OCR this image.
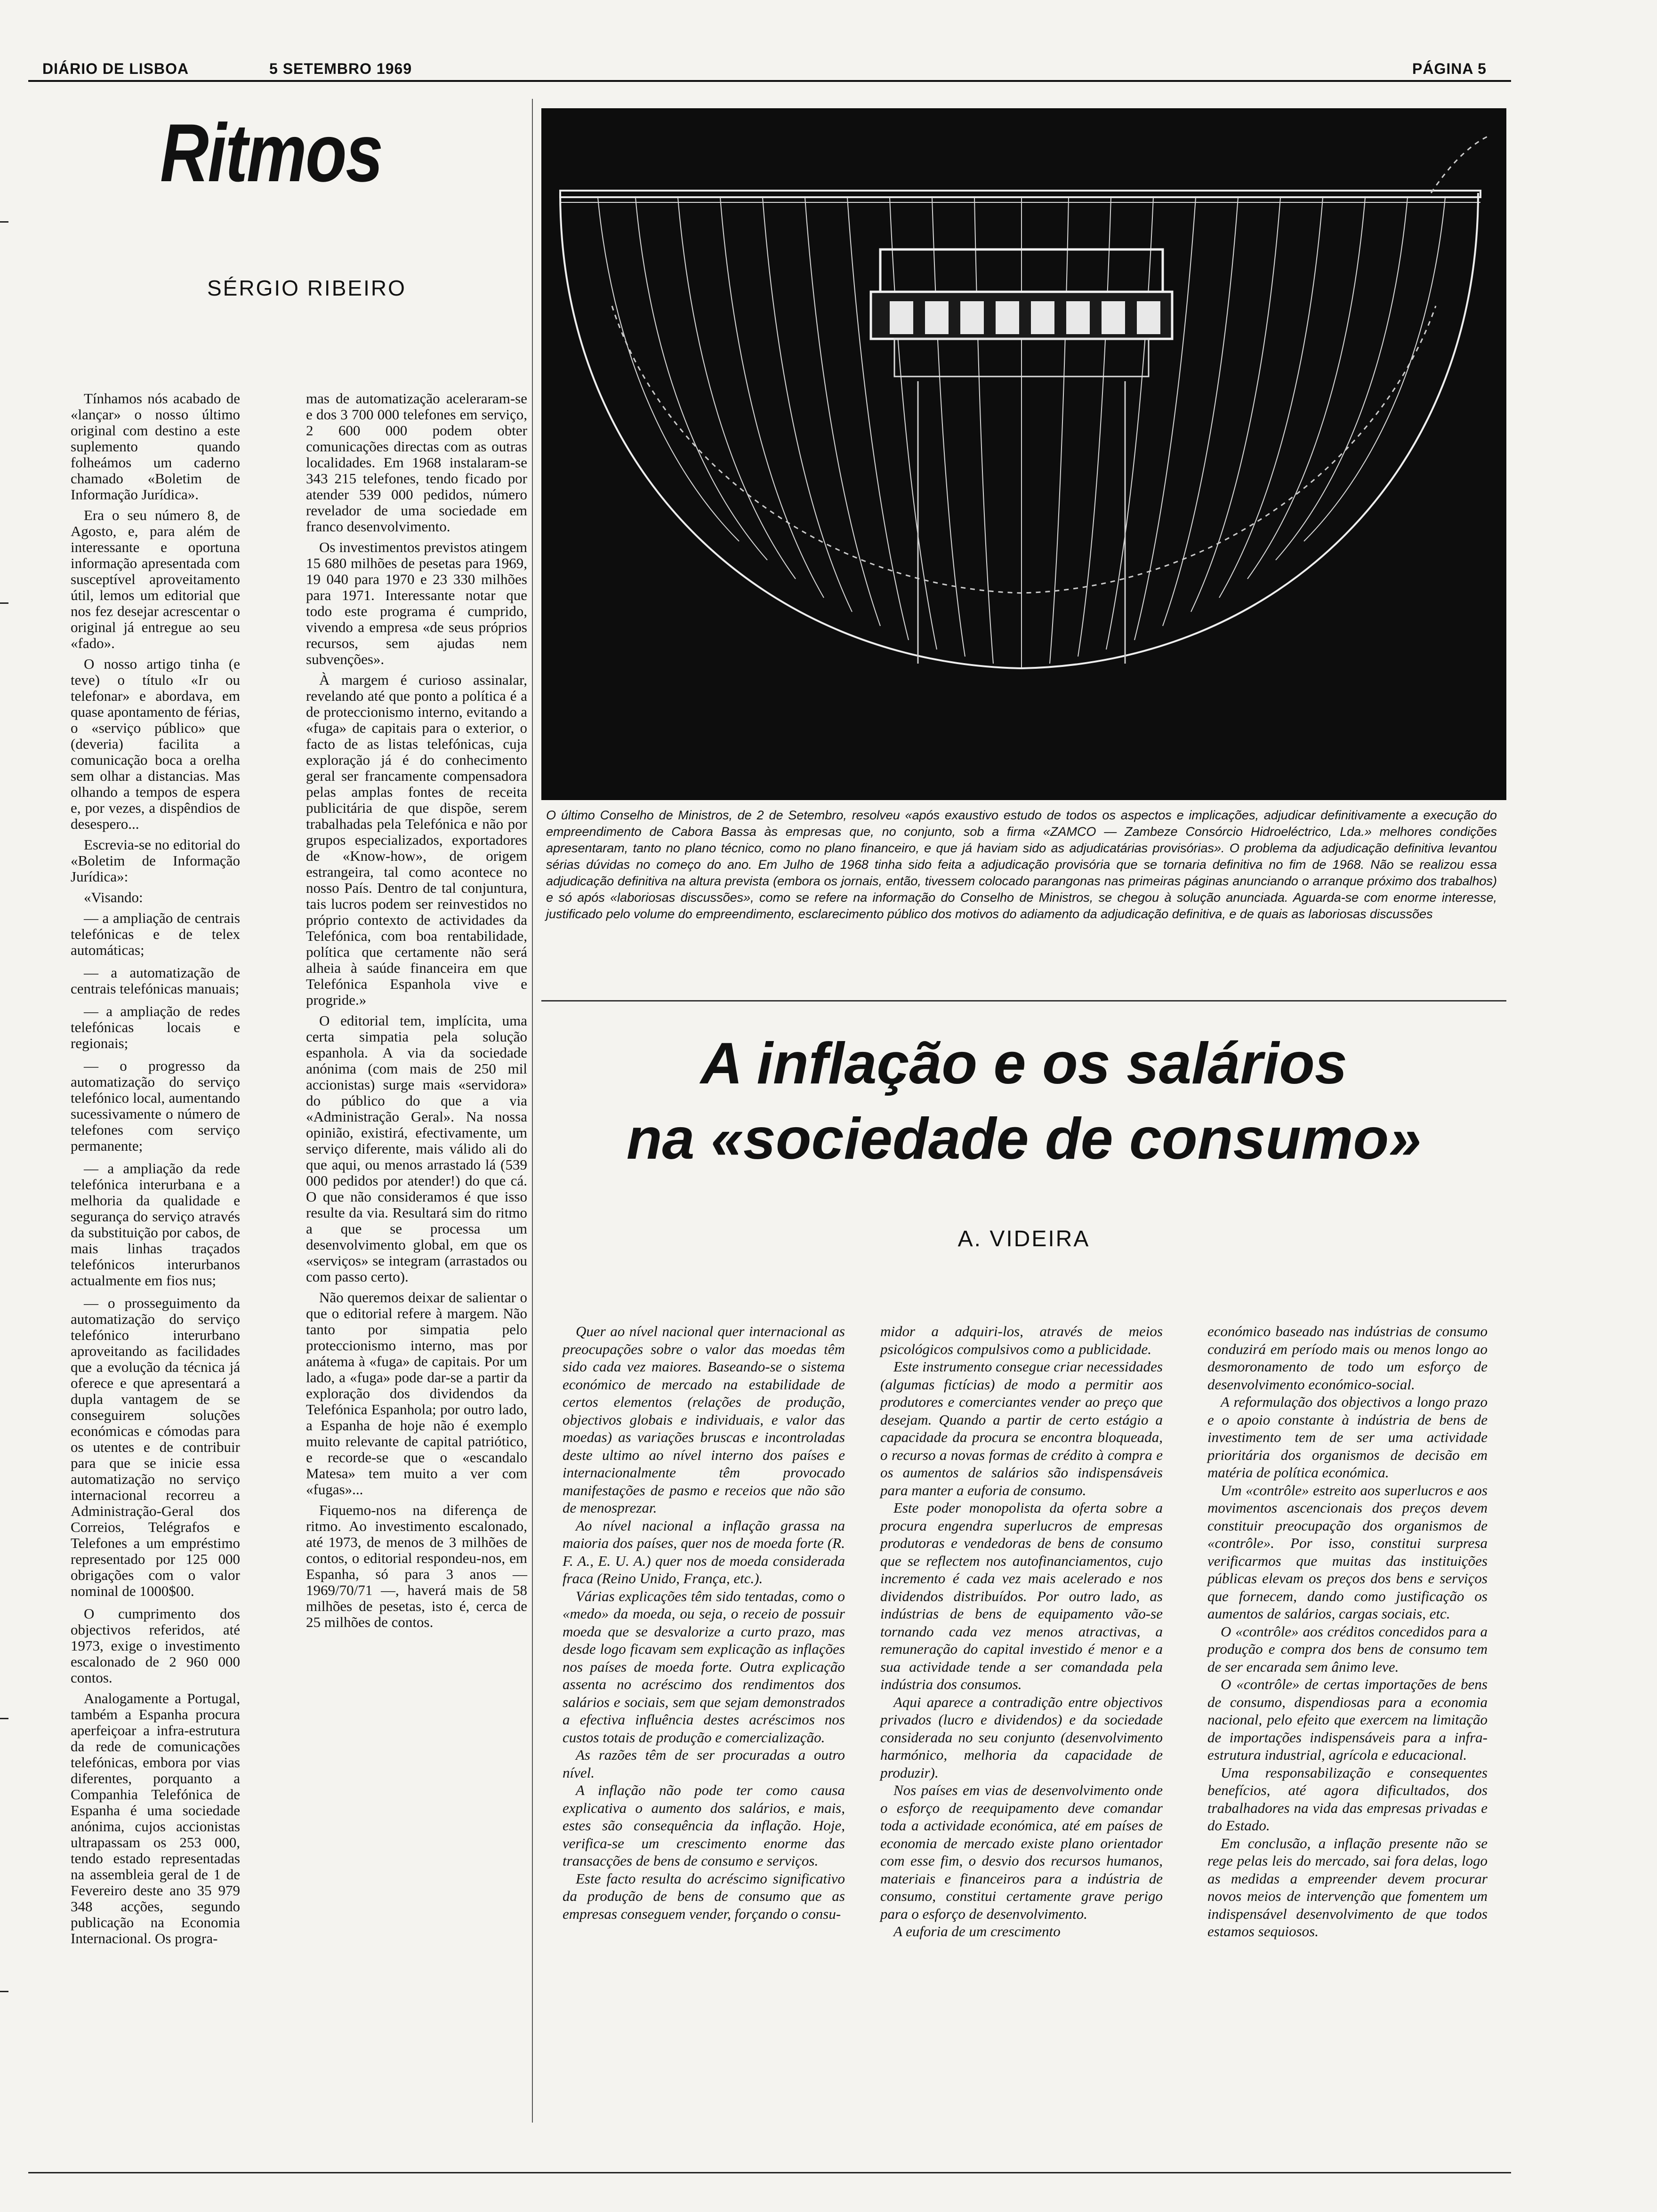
DIÁRIO DE LISBOA	5 SETEMBRO 1969	PÁGINA 5
Ritmos
SÉRGIO RIBEIRO

Tínhamos nós acabado de «lançar» o nosso último original com destino a este suplemento quando folheámos um caderno chamado «Boletim de Informação Jurídica».

Era o seu número 8, de Agosto, e, para além de interessante e oportuna informação apresentada com susceptível aproveitamento útil, lemos um editorial que nos fez desejar acrescentar o original já entregue ao seu «fado».

O nosso artigo tinha (e teve) o título «Ir ou telefonar» e abordava, em quase apontamento de férias, o «serviço público» que (deveria) facilita a comunicação boca a orelha sem olhar a distancias. Mas olhando a tempos de espera e, por vezes, a dispêndios de desespero...

Escrevia-se no editorial do «Boletim de Informação Jurídica»:

«Visando:

— a ampliação de centrais telefónicas e de telex automáticas;

— a automatização de centrais telefónicas manuais;

— a ampliação de redes telefónicas locais e regionais;

— o progresso da automatização do serviço telefónico local, aumentando sucessivamente o número de telefones com serviço permanente;

— a ampliação da rede telefónica interurbana e a melhoria da qualidade e segurança do serviço através da substituição por cabos, de mais linhas traçados telefónicos interurbanos actualmente em fios nus;

— o prosseguimento da automatização do serviço telefónico interurbano aproveitando as facilidades que a evolução da técnica já oferece e que apresentará a dupla vantagem de se conseguirem soluções económicas e cómodas para os utentes e de contribuir para que se inicie essa automatização no serviço internacional recorreu a Administração-Geral dos Correios, Telégrafos e Telefones a um empréstimo representado por 125 000 obrigações com o valor nominal de 1000$00.

O cumprimento dos objectivos referidos, até 1973, exige o investimento escalonado de 2 960 000 contos.

Analogamente a Portugal, também a Espanha procura aperfeiçoar a infra-estrutura da rede de comunicações telefónicas, embora por vias diferentes, porquanto a Companhia Telefónica de Espanha é uma sociedade anónima, cujos accionistas ultrapassam os 253 000, tendo estado representadas na assembleia geral de 1 de Fevereiro deste ano 35 979 348 acções, segundo publicação na Economia Internacional. Os progra-

mas de automatização aceleraram-se e dos 3 700 000 telefones em serviço, 2 600 000 podem obter comunicações directas com as outras localidades. Em 1968 instalaram-se 343 215 telefones, tendo ficado por atender 539 000 pedidos, número revelador de uma sociedade em franco desenvolvimento.

Os investimentos previstos atingem 15 680 milhões de pesetas para 1969, 19 040 para 1970 e 23 330 milhões para 1971. Interessante notar que todo este programa é cumprido, vivendo a empresa «de seus próprios recursos, sem ajudas nem subvenções».

À margem é curioso assinalar, revelando até que ponto a política é a de proteccionismo interno, evitando a «fuga» de capitais para o exterior, o facto de as listas telefónicas, cuja exploração já é do conhecimento geral ser francamente compensadora pelas amplas fontes de receita publicitária de que dispõe, serem trabalhadas pela Telefónica e não por grupos especializados, exportadores de «Know-how», de origem estrangeira, tal como acontece no nosso País. Dentro de tal conjuntura, tais lucros podem ser reinvestidos no próprio contexto de actividades da Telefónica, com boa rentabilidade, política que certamente não será alheia à saúde financeira em que Telefónica Espanhola vive e progride.»

O editorial tem, implícita, uma certa simpatia pela solução espanhola. A via da sociedade anónima (com mais de 250 mil accionistas) surge mais «servidora» do público do que a via «Administração Geral». Na nossa opinião, existirá, efectivamente, um serviço diferente, mais válido ali do que aqui, ou menos arrastado lá (539 000 pedidos por atender!) do que cá. O que não consideramos é que isso resulte da via. Resultará sim do ritmo a que se processa um desenvolvimento global, em que os «serviços» se integram (arrastados ou com passo certo).

Não queremos deixar de salientar o que o editorial refere à margem. Não tanto por simpatia pelo proteccionismo interno, mas por anátema à «fuga» de capitais. Por um lado, a «fuga» pode dar-se a partir da exploração dos dividendos da Telefónica Espanhola; por outro lado, a Espanha de hoje não é exemplo muito relevante de capital patriótico, e recorde-se que o «escandalo Matesa» tem muito a ver com «fugas»...

Fiquemo-nos na diferença de ritmo. Ao investimento escalonado, até 1973, de menos de 3 milhões de contos, o editorial respondeu-nos, em Espanha, só para 3 anos — 1969/70/71 —, haverá mais de 58 milhões de pesetas, isto é, cerca de 25 milhões de contos.

O último Conselho de Ministros, de 2 de Setembro, resolveu «após exaustivo estudo de todos os aspectos e implicações, adjudicar definitivamente a execução do empreendimento de Cabora Bassa às empresas que, no conjunto, sob a firma «ZAMCO — Zambeze Consórcio Hidroeléctrico, Lda.» melhores condições apresentaram, tanto no plano técnico, como no plano financeiro, e que já haviam sido as adjudicatárias provisórias». O problema da adjudicação definitiva levantou sérias dúvidas no começo do ano. Em Julho de 1968 tinha sido feita a adjudicação provisória que se tornaria definitiva no fim de 1968. Não se realizou essa adjudicação definitiva na altura prevista (embora os jornais, então, tivessem colocado parangonas nas primeiras páginas anunciando o arranque próximo dos trabalhos) e só após «laboriosas discussões», como se refere na informação do Conselho de Ministros, se chegou à solução anunciada. Aguarda-se com enorme interesse, justificado pelo volume do empreendimento, esclarecimento público dos motivos do adiamento da adjudicação definitiva, e de quais as laboriosas discussões
A inflação e os salários
na «sociedade de consumo»
A. VIDEIRA

Quer ao nível nacional quer internacional as preocupações sobre o valor das moedas têm sido cada vez maiores. Baseando-se o sistema económico de mercado na estabilidade de certos elementos (relações de produção, objectivos globais e individuais, e valor das moedas) as variações bruscas e incontroladas deste ultimo ao nível interno dos países e internacionalmente têm provocado manifestações de pasmo e receios que não são de menosprezar.

Ao nível nacional a inflação grassa na maioria dos países, quer nos de moeda forte (R. F. A., E. U. A.) quer nos de moeda considerada fraca (Reino Unido, França, etc.).

Várias explicações têm sido tentadas, como o «medo» da moeda, ou seja, o receio de possuir moeda que se desvalorize a curto prazo, mas desde logo ficavam sem explicação as inflações nos países de moeda forte. Outra explicação assenta no acréscimo dos rendimentos dos salários e sociais, sem que sejam demonstrados a efectiva influência destes acréscimos nos custos totais de produção e comercialização.

As razões têm de ser procuradas a outro nível.

A inflação não pode ter como causa explicativa o aumento dos salários, e mais, estes são consequência da inflação. Hoje, verifica-se um crescimento enorme das transacções de bens de consumo e serviços.

Este facto resulta do acréscimo significativo da produção de bens de consumo que as empresas conseguem vender, forçando o consu-

midor a adquiri-los, através de meios psicológicos compulsivos como a publicidade.

Este instrumento consegue criar necessidades (algumas fictícias) de modo a permitir aos produtores e comerciantes vender ao preço que desejam. Quando a partir de certo estágio a capacidade da procura se encontra bloqueada, o recurso a novas formas de crédito à compra e os aumentos de salários são indispensáveis para manter a euforia de consumo.

Este poder monopolista da oferta sobre a procura engendra superlucros de empresas produtoras e vendedoras de bens de consumo que se reflectem nos autofinanciamentos, cujo incremento é cada vez mais acelerado e nos dividendos distribuídos. Por outro lado, as indústrias de bens de equipamento vão-se tornando cada vez menos atractivas, a remuneração do capital investido é menor e a sua actividade tende a ser comandada pela indústria dos consumos.

Aqui aparece a contradição entre objectivos privados (lucro e dividendos) e da sociedade considerada no seu conjunto (desenvolvimento harmónico, melhoria da capacidade de produzir).

Nos países em vias de desenvolvimento onde o esforço de reequipamento deve comandar toda a actividade económica, até em países de economia de mercado existe plano orientador com esse fim, o desvio dos recursos humanos, materiais e financeiros para a indústria de consumo, constitui certamente grave perigo para o esforço de desenvolvimento.

A euforia de um crescimento

económico baseado nas indústrias de consumo conduzirá em período mais ou menos longo ao desmoronamento de todo um esforço de desenvolvimento económico-social.

A reformulação dos objectivos a longo prazo e o apoio constante à indústria de bens de investimento tem de ser uma actividade prioritária dos organismos de decisão em matéria de política económica.

Um «contrôle» estreito aos superlucros e aos movimentos ascencionais dos preços devem constituir preocupação dos organismos de «contrôle». Por isso, constitui surpresa verificarmos que muitas das instituições públicas elevam os preços dos bens e serviços que fornecem, dando como justificação os aumentos de salários, cargas sociais, etc.

O «contrôle» aos créditos concedidos para a produção e compra dos bens de consumo tem de ser encarada sem ânimo leve.

O «contrôle» de certas importações de bens de consumo, dispendiosas para a economia nacional, pelo efeito que exercem na limitação de importações indispensáveis para a infra-estrutura industrial, agrícola e educacional.

Uma responsabilização e consequentes benefícios, até agora dificultados, dos trabalhadores na vida das empresas privadas e do Estado.

Em conclusão, a inflação presente não se rege pelas leis do mercado, sai fora delas, logo as medidas a empreender devem procurar novos meios de intervenção que fomentem um indispensável desenvolvimento de que todos estamos sequiosos.
